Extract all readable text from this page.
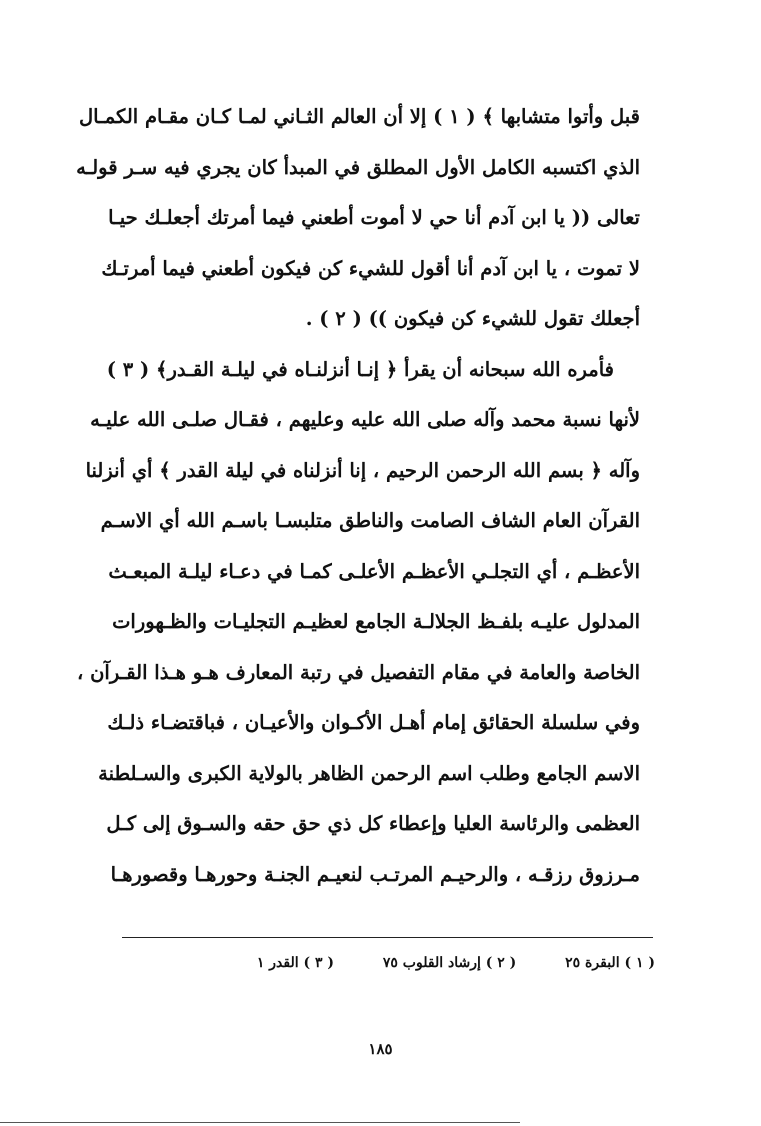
قبل وأتوا متشابها ﴾ ( ١ ) إلا أن العالم الثـاني لمـا كـان مقـام الكمـال
الذي اكتسبه الكامل الأول المطلق في المبدأ كان يجري فيه سـر قولـه
تعالى (( يا ابن آدم أنا حي لا أموت أطعني فيما أمرتك أجعلـك حيـا
لا تموت ، يا ابن آدم أنا أقول للشيء كن فيكون أطعني فيما أمرتـك
أجعلك تقول للشيء كن فيكون )) ( ٢ ) .
فأمره الله سبحانه أن يقرأ ﴿ إنـا أنزلنـاه في ليلـة القـدر﴾ ( ٣ )
لأنها نسبة محمد وآله صلى الله عليه وعليهم ، فقـال صلـى الله عليـه
وآله ﴿ بسم الله الرحمن الرحيم ، إنا أنزلناه في ليلة القدر ﴾ أي أنزلنا
القرآن العام الشاف الصامت والناطق متلبسـا باسـم الله أي الاسـم
الأعظـم ، أي التجلـي الأعظـم الأعلـى كمـا في دعـاء ليلـة المبعـث
المدلول عليـه بلفـظ الجلالـة الجامع لعظيـم التجليـات والظـهورات
الخاصة والعامة في مقام التفصيل في رتبة المعارف هـو هـذا القـرآن ،
وفي سلسلة الحقائق إمام أهـل الأكـوان والأعيـان ، فباقتضـاء ذلـك
الاسم الجامع وطلب اسم الرحمن الظاهر بالولاية الكبرى والسـلطنة
العظمى والرئاسة العليا وإعطاء كل ذي حق حقه والسـوق إلى كـل
مـرزوق رزقـه ، والرحيـم المرتـب لنعيـم الجنـة وحورهـا وقصورهـا
( ١ ) البقرة ٢٥ ( ٢ ) إرشاد القلوب ٧٥ ( ٣ ) القدر ١
١٨٥
